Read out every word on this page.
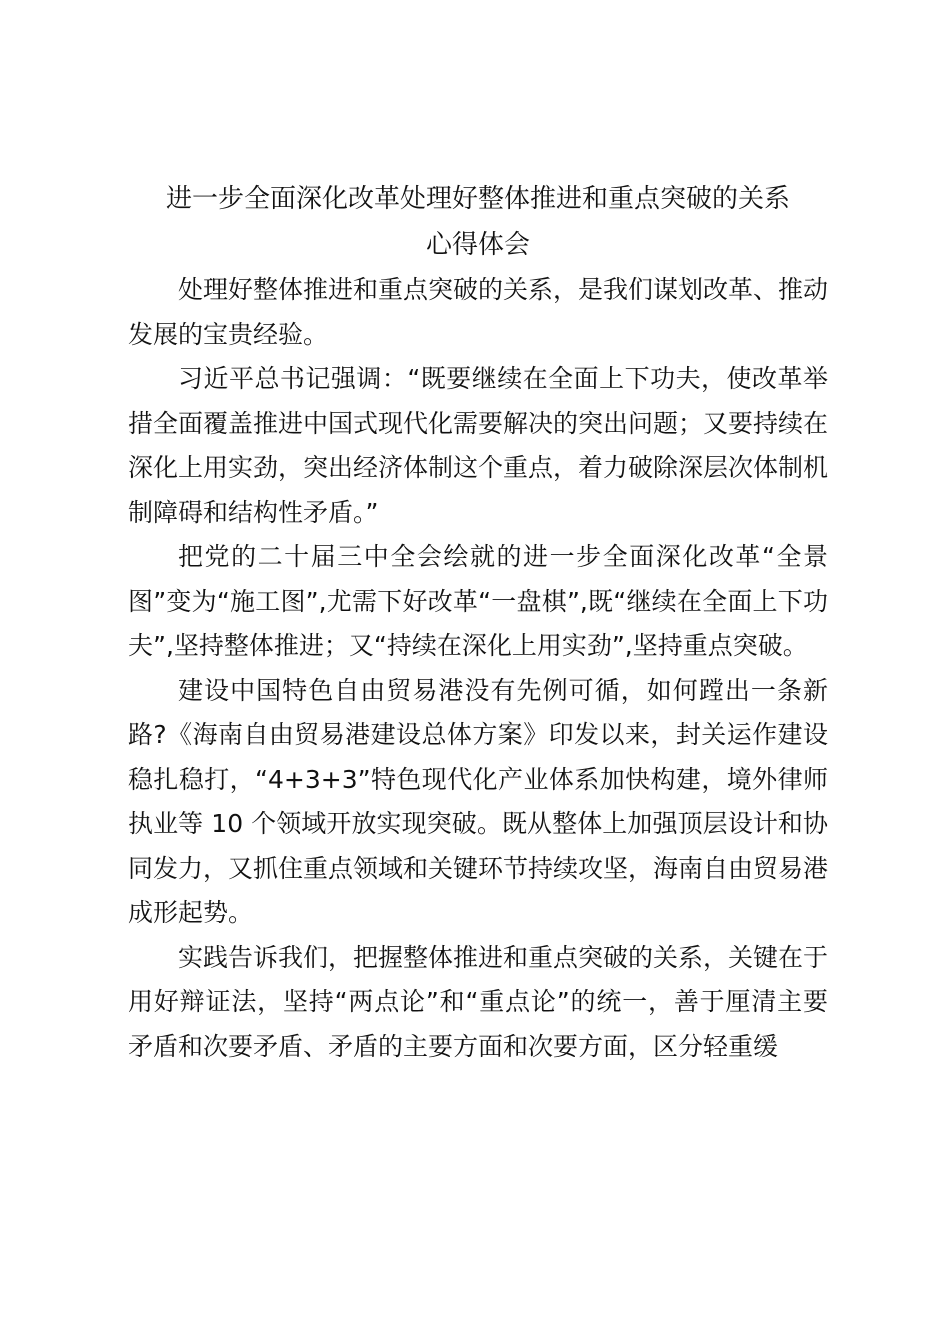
进一步全面深化改革处理好整体推进和重点突破的关系
心得体会

处理好整体推进和重点突破的关系，是我们谋划改革、推动发展的宝贵经验。

习近平总书记强调：“既要继续在全面上下功夫，使改革举措全面覆盖推进中国式现代化需要解决的突出问题；又要持续在深化上用实劲，突出经济体制这个重点，着力破除深层次体制机制障碍和结构性矛盾。”

把党的二十届三中全会绘就的进一步全面深化改革“全景图”变为“施工图”,尤需下好改革“一盘棋”,既“继续在全面上下功夫”,坚持整体推进；又“持续在深化上用实劲”,坚持重点突破。

建设中国特色自由贸易港没有先例可循，如何蹚出一条新路?《海南自由贸易港建设总体方案》印发以来，封关运作建设稳扎稳打，“4+3+3”特色现代化产业体系加快构建，境外律师执业等 10 个领域开放实现突破。既从整体上加强顶层设计和协同发力，又抓住重点领域和关键环节持续攻坚，海南自由贸易港成形起势。

实践告诉我们，把握整体推进和重点突破的关系，关键在于用好辩证法，坚持“两点论”和“重点论”的统一，善于厘清主要矛盾和次要矛盾、矛盾的主要方面和次要方面，区分轻重缓
